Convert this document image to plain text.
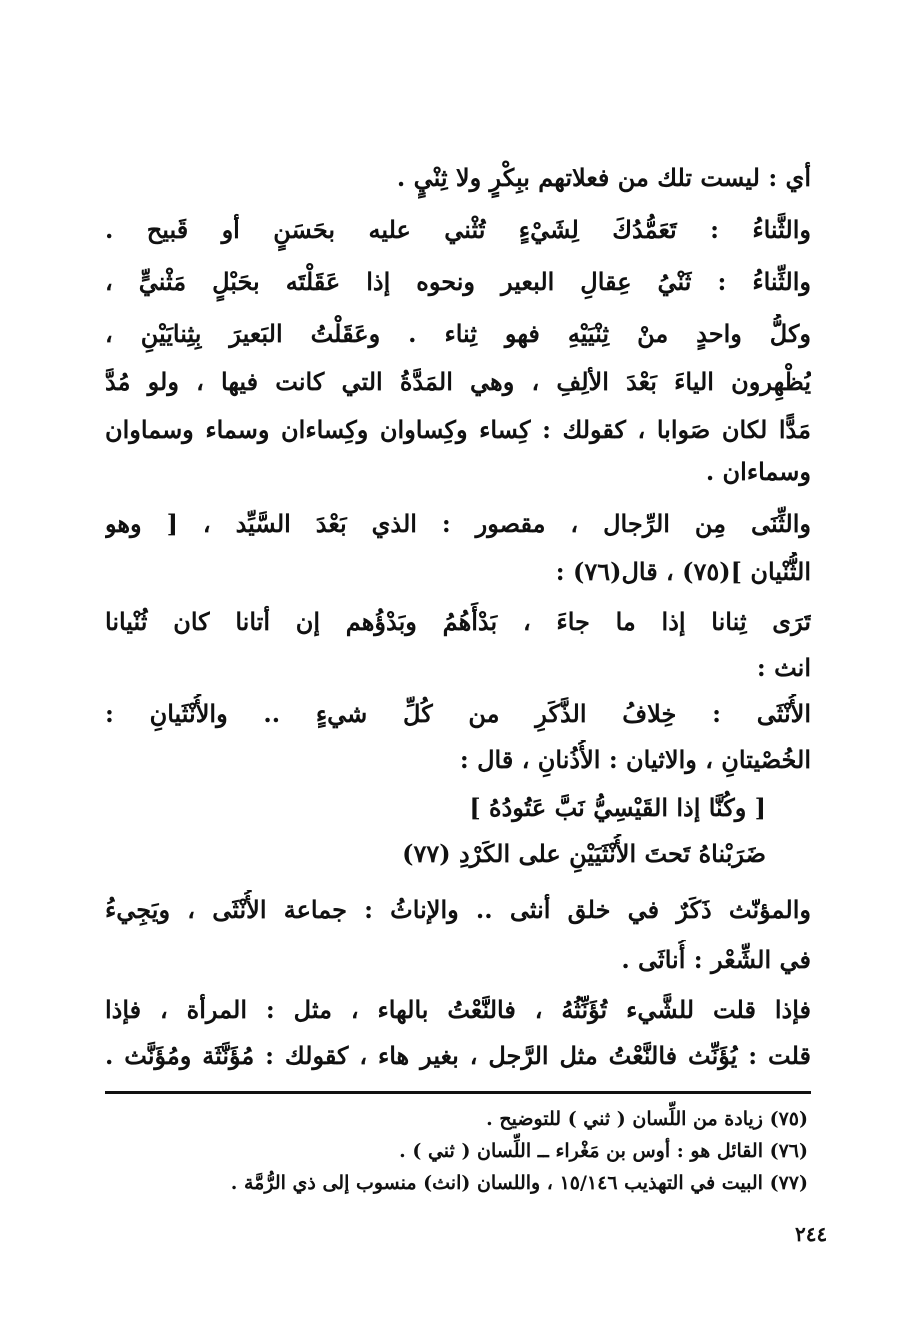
أي : ليست تلك من فعلاتهم ببِكْرٍ ولا ثِنْيٍ .
والثَّناءُ : تَعَمُّدُكَ لِشَيْءٍ تُثْني عليه بحَسَنٍ أو قَبيح .
والثِّناءُ : ثَنْيُ عِقالِ البعير ونحوه إذا عَقَلْتَه بحَبْلٍ مَثْنيٍّ ،
وكلُّ واحدٍ منْ ثِنْيَيْهِ فهو ثِناء . وعَقَلْتُ البَعيرَ بِثِنايَيْنِ ،
يُظْهِرون الياءَ بَعْدَ الألِفِ ، وهي المَدَّةُ التي كانت فيها ، ولو مُدَّ
مَدًّا لكان صَوابا ، كقولك : كِساء وكِساوان وكِساءان وسماء وسماوان
وسماءان .
والثِّنَى مِن الرِّجال ، مقصور : الذي بَعْدَ السَّيِّد ، [ وهو
الثُّنْيان ](٧٥) ، قال(٧٦) :
تَرَى ثِنانا إذا ما جاءَ ، بَدْأَهُمُ وبَدْؤُهم إن أتانا كان ثُنْيانا
انث :
الأُنْثَى : خِلافُ الذَّكَرِ من كُلِّ شيءٍ .. والأُنْثَيانِ :
الخُصْيتانِ ، والاثيان : الأُذُنانِ ، قال :
[ وكُنَّا إذا القَيْسِيُّ نَبَّ عَتُودُهُ ]
ضَرَبْناهُ تَحتَ الأُنْثَيَيْنِ على الكَرْدِ (٧٧)
والمؤنّث ذَكَرٌ في خلق أنثى .. والإناثُ : جماعة الأُنْثَى ، ويَجِيءُ
في الشِّعْر : أُناثَى .
فإذا قلت للشَّيء تُؤَنِّثُهُ ، فالنَّعْتُ بالهاء ، مثل : المرأة ، فإذا
قلت : يُؤَنِّث فالنَّعْتُ مثل الرَّجل ، بغير هاء ، كقولك : مُؤَنَّثَة ومُؤَنَّث .
(٧٥) زيادة من اللِّسان ( ثني ) للتوضيح .
(٧٦) القائل هو : أوس بن مَغْراء ــ اللِّسان ( ثني ) .
(٧٧) البيت في التهذيب ١٥/١٤٦ ، واللسان (انث) منسوب إلى ذي الرُّمَّة .
٢٤٤
